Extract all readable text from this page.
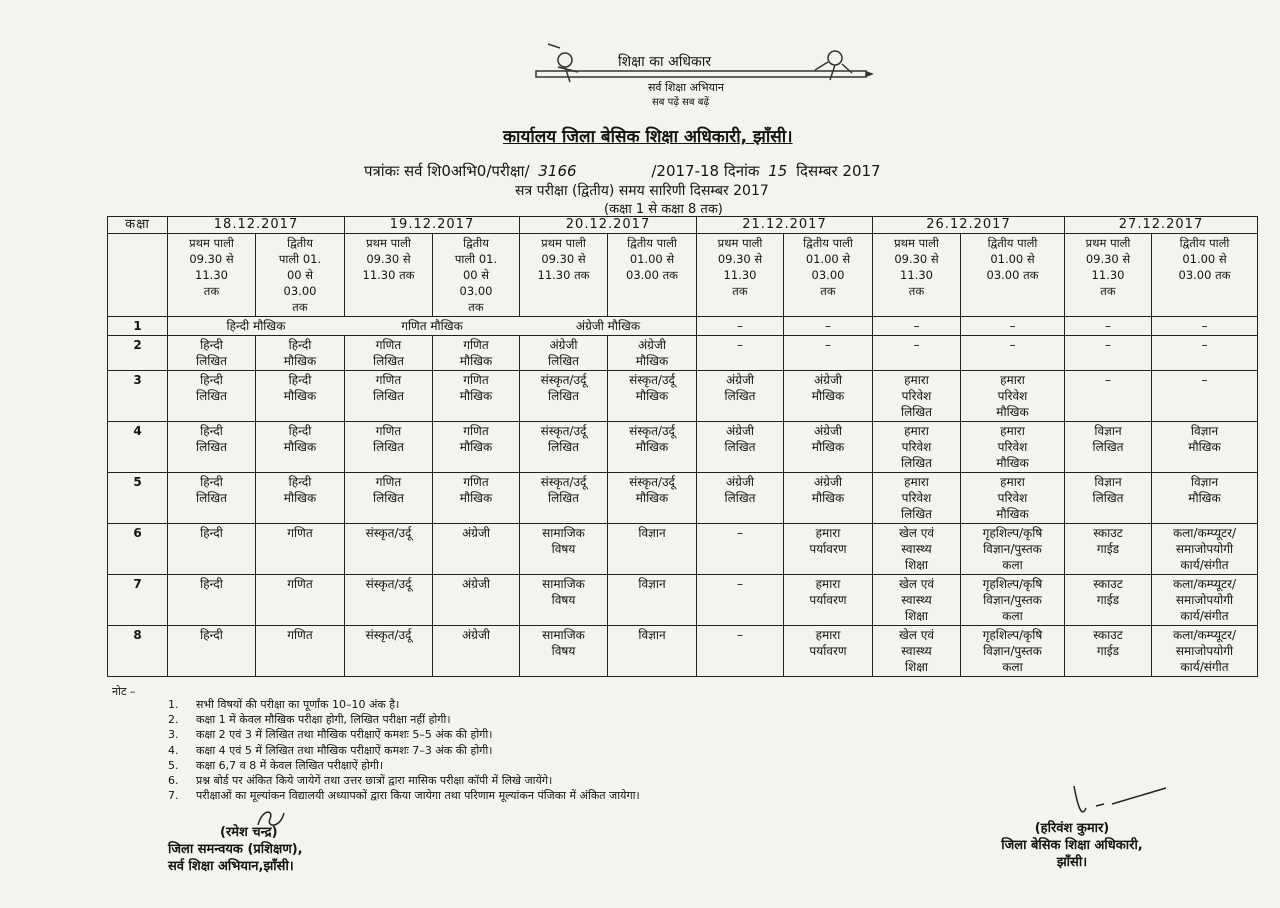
शिक्षा का अधिकार
सर्व शिक्षा अभियान
सब पढ़ें सब बढ़ें
कार्यालय जिला बेसिक शिक्षा अधिकारी, झाँसी।
पत्रांकः सर्व शि0अभि0/परीक्षा/ 3166	/2017-18 दिनांक 15 दिसम्बर 2017
सत्र परीक्षा (द्वितीय) समय सारिणी दिसम्बर 2017
(कक्षा 1 से कक्षा 8 तक)
कक्षा	18.12.2017		19.12.2017		20.12.2017		21.12.2017		26.12.2017		27.12.2017	
	प्रथम पाली
09.30 से
11.30
तक	द्वितीय
पाली 01.
00 से
03.00
तक	प्रथम पाली
09.30 से
11.30 तक	द्वितीय
पाली 01.
00 से
03.00
तक	प्रथम पाली
09.30 से
11.30 तक	द्वितीय पाली
01.00 से
03.00 तक	प्रथम पाली
09.30 से
11.30
तक	द्वितीय पाली
01.00 से
03.00
तक	प्रथम पाली
09.30 से
11.30
तक	द्वितीय पाली
01.00 से
03.00 तक	प्रथम पाली
09.30 से
11.30
तक	द्वितीय पाली
01.00 से
03.00 तक
1	हिन्दी मौखिक		गणित मौखिक		अंग्रेजी मौखिक		–	–	–	–	–	–
2	हिन्दी
लिखित	हिन्दी
मौखिक	गणित
लिखित	गणित
मौखिक	अंग्रेजी
लिखित	अंग्रेजी
मौखिक	–	–	–	–	–	–
3	हिन्दी
लिखित	हिन्दी
मौखिक	गणित
लिखित	गणित
मौखिक	संस्कृत/उर्दू
लिखित	संस्कृत/उर्दू
मौखिक	अंग्रेजी
लिखित	अंग्रेजी
मौखिक	हमारा
परिवेश
लिखित	हमारा
परिवेश
मौखिक	–	–
4	हिन्दी
लिखित	हिन्दी
मौखिक	गणित
लिखित	गणित
मौखिक	संस्कृत/उर्दू
लिखित	संस्कृत/उर्दू
मौखिक	अंग्रेजी
लिखित	अंग्रेजी
मौखिक	हमारा
परिवेश
लिखित	हमारा
परिवेश
मौखिक	विज्ञान
लिखित	विज्ञान
मौखिक
5	हिन्दी
लिखित	हिन्दी
मौखिक	गणित
लिखित	गणित
मौखिक	संस्कृत/उर्दू
लिखित	संस्कृत/उर्दू
मौखिक	अंग्रेजी
लिखित	अंग्रेजी
मौखिक	हमारा
परिवेश
लिखित	हमारा
परिवेश
मौखिक	विज्ञान
लिखित	विज्ञान
मौखिक
6	हिन्दी	गणित	संस्कृत/उर्दू	अंग्रेजी	सामाजिक
विषय	विज्ञान	–	हमारा
पर्यावरण	खेल एवं
स्वास्थ्य
शिक्षा	गृहशिल्प/कृषि
विज्ञान/पुस्तक
कला	स्काउट
गाईड	कला/कम्प्यूटर/
समाजोपयोगी
कार्य/संगीत
7	हिन्दी	गणित	संस्कृत/उर्दू	अंग्रेजी	सामाजिक
विषय	विज्ञान	–	हमारा
पर्यावरण	खेल एवं
स्वास्थ्य
शिक्षा	गृहशिल्प/कृषि
विज्ञान/पुस्तक
कला	स्काउट
गाईड	कला/कम्प्यूटर/
समाजोपयोगी
कार्य/संगीत
8	हिन्दी	गणित	संस्कृत/उर्दू	अंग्रेजी	सामाजिक
विषय	विज्ञान	–	हमारा
पर्यावरण	खेल एवं
स्वास्थ्य
शिक्षा	गृहशिल्प/कृषि
विज्ञान/पुस्तक
कला	स्काउट
गाईड	कला/कम्प्यूटर/
समाजोपयोगी
कार्य/संगीत
नोट –
1. सभी विषयों की परीक्षा का पूर्णांक 10–10 अंक है।
2. कक्षा 1 में केवल मौखिक परीक्षा होगी, लिखित परीक्षा नहीं होगी।
3. कक्षा 2 एवं 3 में लिखित तथा मौखिक परीक्षाऐं कमशः 5–5 अंक की होगी।
4. कक्षा 4 एवं 5 में लिखित तथा मौखिक परीक्षाऐं कमशः 7–3 अंक की होगी।
5. कक्षा 6,7 व 8 में केवल लिखित परीक्षाऐं होगी।
6. प्रश्न बोर्ड पर अंकित किये जायेगें तथा उत्तर छात्रों द्वारा मासिक परीक्षा कॉपी में लिखे जायेंगे।
7. परीक्षाओं का मूल्यांकन विद्यालयी अध्यापकों द्वारा किया जायेगा तथा परिणाम मूल्यांकन पंजिका में अंकित जायेगा।
(रमेश चन्द्र)
जिला समन्वयक (प्रशिक्षण),
सर्व शिक्षा अभियान,झाँसी।
(हरिवंश कुमार)
जिला बेसिक शिक्षा अधिकारी,
झाँसी।
